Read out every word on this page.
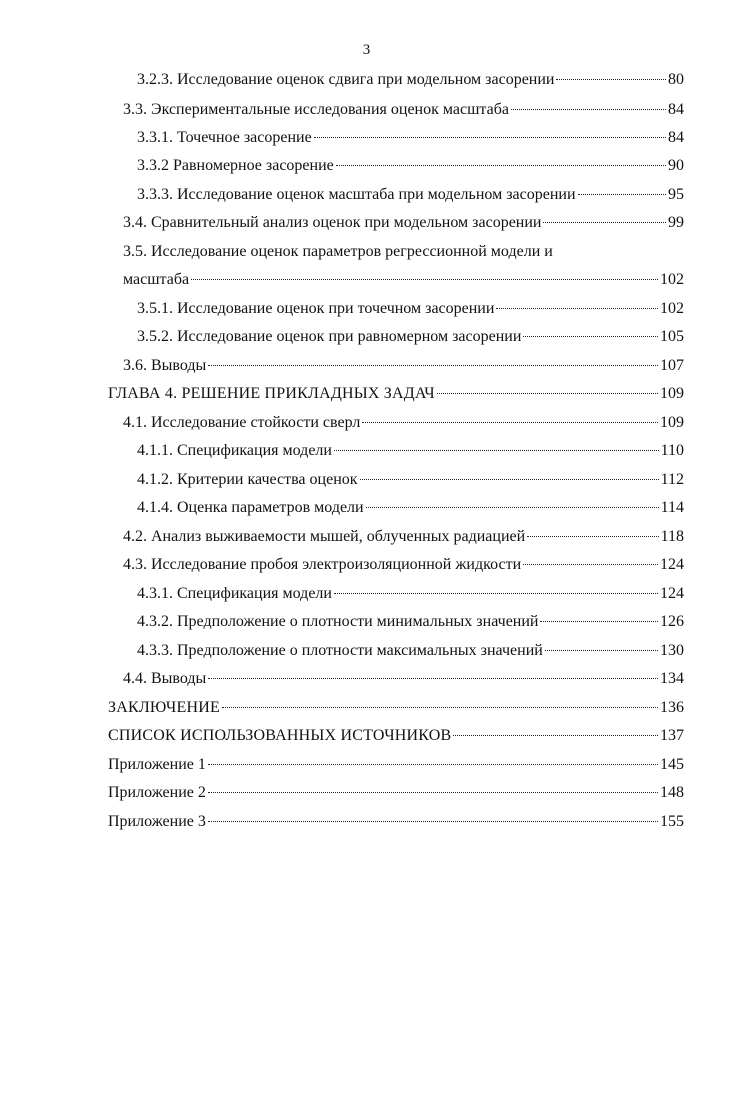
3
3.2.3. Исследование оценок сдвига при модельном засорении	80
3.3. Экспериментальные исследования оценок масштаба	84
3.3.1. Точечное засорение	84
3.3.2 Равномерное засорение	90
3.3.3. Исследование оценок масштаба при модельном засорении	95
3.4. Сравнительный анализ оценок при модельном засорении	99
3.5. Исследование оценок параметров регрессионной модели и
масштаба	102
3.5.1. Исследование оценок при точечном засорении	102
3.5.2. Исследование оценок при равномерном засорении	105
3.6. Выводы	107
ГЛАВА 4. РЕШЕНИЕ ПРИКЛАДНЫХ ЗАДАЧ	109
4.1. Исследование стойкости сверл	109
4.1.1. Спецификация модели	110
4.1.2. Критерии качества оценок	112
4.1.4. Оценка параметров модели	114
4.2. Анализ выживаемости мышей, облученных радиацией	118
4.3. Исследование пробоя электроизоляционной жидкости	124
4.3.1. Спецификация модели	124
4.3.2. Предположение о плотности минимальных значений	126
4.3.3. Предположение о плотности максимальных значений	130
4.4. Выводы	134
ЗАКЛЮЧЕНИЕ	136
СПИСОК ИСПОЛЬЗОВАННЫХ ИСТОЧНИКОВ	137
Приложение 1	145
Приложение 2	148
Приложение 3	155
